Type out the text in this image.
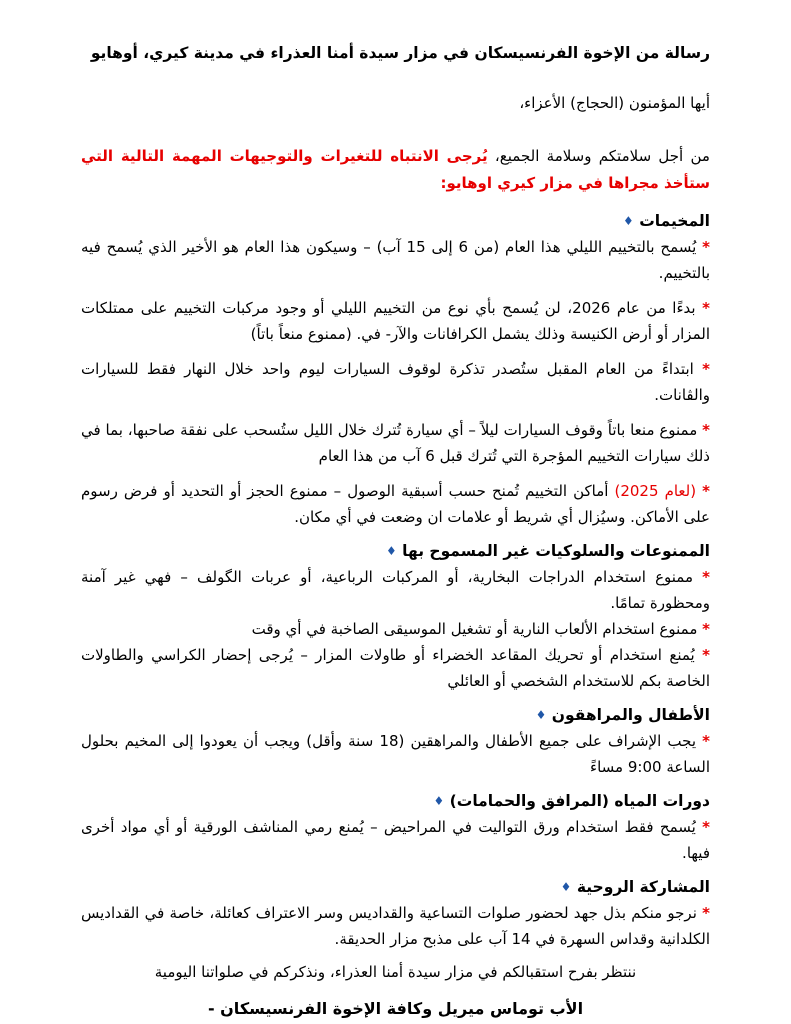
رسالة من الإخوة الفرنسيسكان في مزار سيدة أمنا العذراء في مدينة كيري، أوهايو

أيها المؤمنون (الحجاج) الأعزاء،

من أجل سلامتكم وسلامة الجميع، يُرجى الانتباه للتغيرات والتوجيهات المهمة التالية التي ستأخذ مجراها في مزار كيري اوهايو:

المخيمات ♦

* يُسمح بالتخييم الليلي هذا العام (من 6 إلى 15 آب) – وسيكون هذا العام هو الأخير الذي يُسمح فيه بالتخييم.

* بدءًا من عام 2026، لن يُسمح بأي نوع من التخييم الليلي أو وجود مركبات التخييم على ممتلكات المزار أو أرض الكنيسة وذلك يشمل الكرافانات والآر- في. (ممنوع منعاً باتاً)

* ابتداءً من العام المقبل ستُصدر تذكرة لوقوف السيارات ليوم واحد خلال النهار فقط للسيارات والڤانات.

* ممنوع منعا باتاً وقوف السيارات ليلاً – أي سيارة تُترك خلال الليل ستُسحب على نفقة صاحبها، بما في ذلك سيارات التخييم المؤجرة التي تُترك قبل 6 آب من هذا العام

* (لعام 2025) أماكن التخييم تُمنح حسب أسبقية الوصول – ممنوع الحجز أو التحديد أو فرض رسوم على الأماكن. وسيُزال أي شريط أو علامات ان وضعت في أي مكان.

الممنوعات والسلوكيات غير المسموح بها ♦

* ممنوع استخدام الدراجات البخارية، أو المركبات الرباعية، أو عربات الگولف – فهي غير آمنة ومحظورة تمامًا.

* ممنوع استخدام الألعاب النارية أو تشغيل الموسيقى الصاخبة في أي وقت

* يُمنع استخدام أو تحريك المقاعد الخضراء أو طاولات المزار – يُرجى إحضار الكراسي والطاولات الخاصة بكم للاستخدام الشخصي أو العائلي

الأطفال والمراهقون ♦

* يجب الإشراف على جميع الأطفال والمراهقين (18 سنة وأقل) ويجب أن يعودوا إلى المخيم بحلول الساعة 9:00 مساءً

دورات المياه (المرافق والحمامات) ♦

* يُسمح فقط استخدام ورق التواليت في المراحيض – يُمنع رمي المناشف الورقية أو أي مواد أخرى فيها.

المشاركة الروحية ♦

* نرجو منكم بذل جهد لحضور صلوات التساعية والقداديس وسر الاعتراف كعائلة، خاصة في القداديس الكلدانية وقداس السهرة في 14 آب على مذبح مزار الحديقة.

ننتظر بفرح استقبالكم في مزار سيدة أمنا العذراء، ونذكركم في صلواتنا اليومية

الأب توماس ميريل وكافة الإخوة الفرنسيسكان -
